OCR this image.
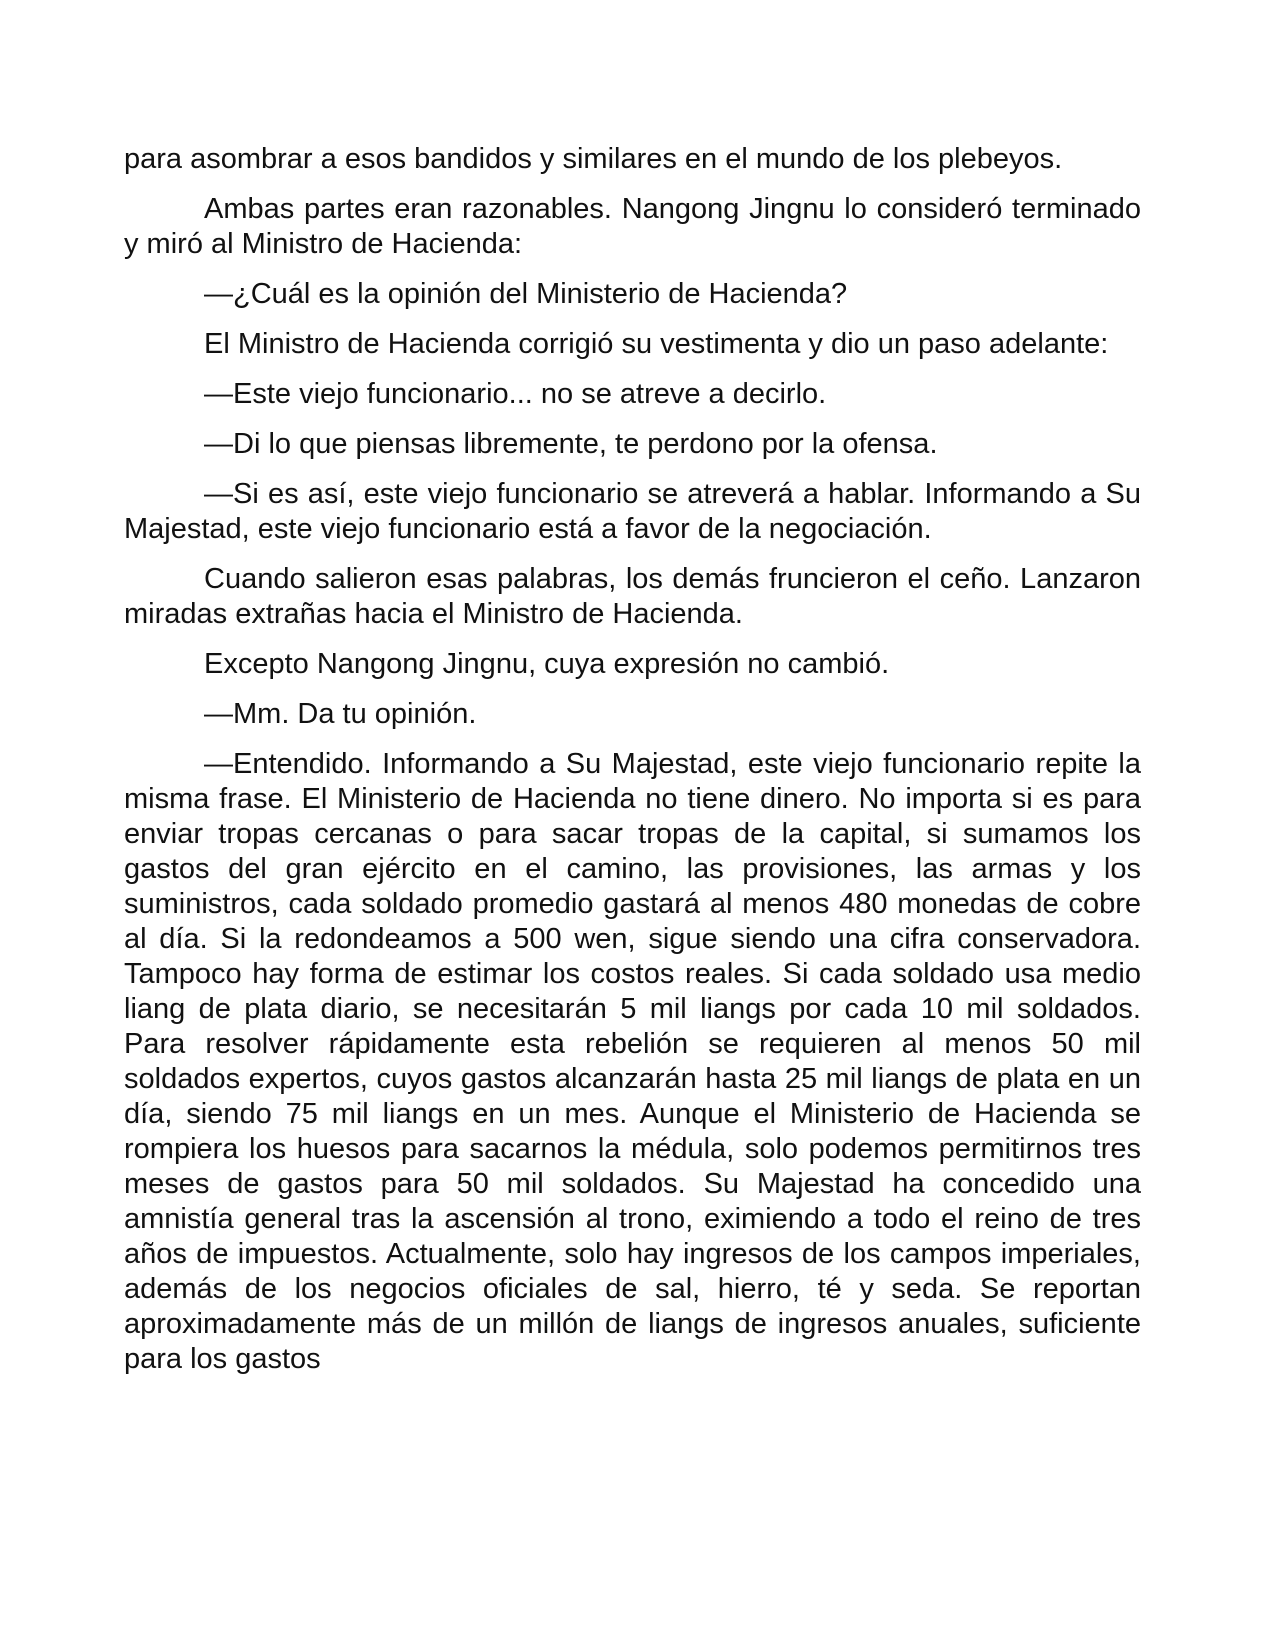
para asombrar a esos bandidos y similares en el mundo de los plebeyos.

Ambas partes eran razonables. Nangong Jingnu lo consideró terminado y miró al Ministro de Hacienda:

—¿Cuál es la opinión del Ministerio de Hacienda?

El Ministro de Hacienda corrigió su vestimenta y dio un paso adelante:

—Este viejo funcionario... no se atreve a decirlo.

—Di lo que piensas libremente, te perdono por la ofensa.

—Si es así, este viejo funcionario se atreverá a hablar. Informando a Su Majestad, este viejo funcionario está a favor de la negociación.

Cuando salieron esas palabras, los demás fruncieron el ceño. Lanzaron miradas extrañas hacia el Ministro de Hacienda.

Excepto Nangong Jingnu, cuya expresión no cambió.

—Mm. Da tu opinión.

—Entendido. Informando a Su Majestad, este viejo funcionario repite la misma frase. El Ministerio de Hacienda no tiene dinero. No importa si es para enviar tropas cercanas o para sacar tropas de la capital, si sumamos los gastos del gran ejército en el camino, las provisiones, las armas y los suministros, cada soldado promedio gastará al menos 480 monedas de cobre al día. Si la redondeamos a 500 wen, sigue siendo una cifra conservadora. Tampoco hay forma de estimar los costos reales. Si cada soldado usa medio liang de plata diario, se necesitarán 5 mil liangs por cada 10 mil soldados. Para resolver rápidamente esta rebelión se requieren al menos 50 mil soldados expertos, cuyos gastos alcanzarán hasta 25 mil liangs de plata en un día, siendo 75 mil liangs en un mes. Aunque el Ministerio de Hacienda se rompiera los huesos para sacarnos la médula, solo podemos permitirnos tres meses de gastos para 50 mil soldados. Su Majestad ha concedido una amnistía general tras la ascensión al trono, eximiendo a todo el reino de tres años de impuestos. Actualmente, solo hay ingresos de los campos imperiales, además de los negocios oficiales de sal, hierro, té y seda. Se reportan aproximadamente más de un millón de liangs de ingresos anuales, suficiente para los gastos
